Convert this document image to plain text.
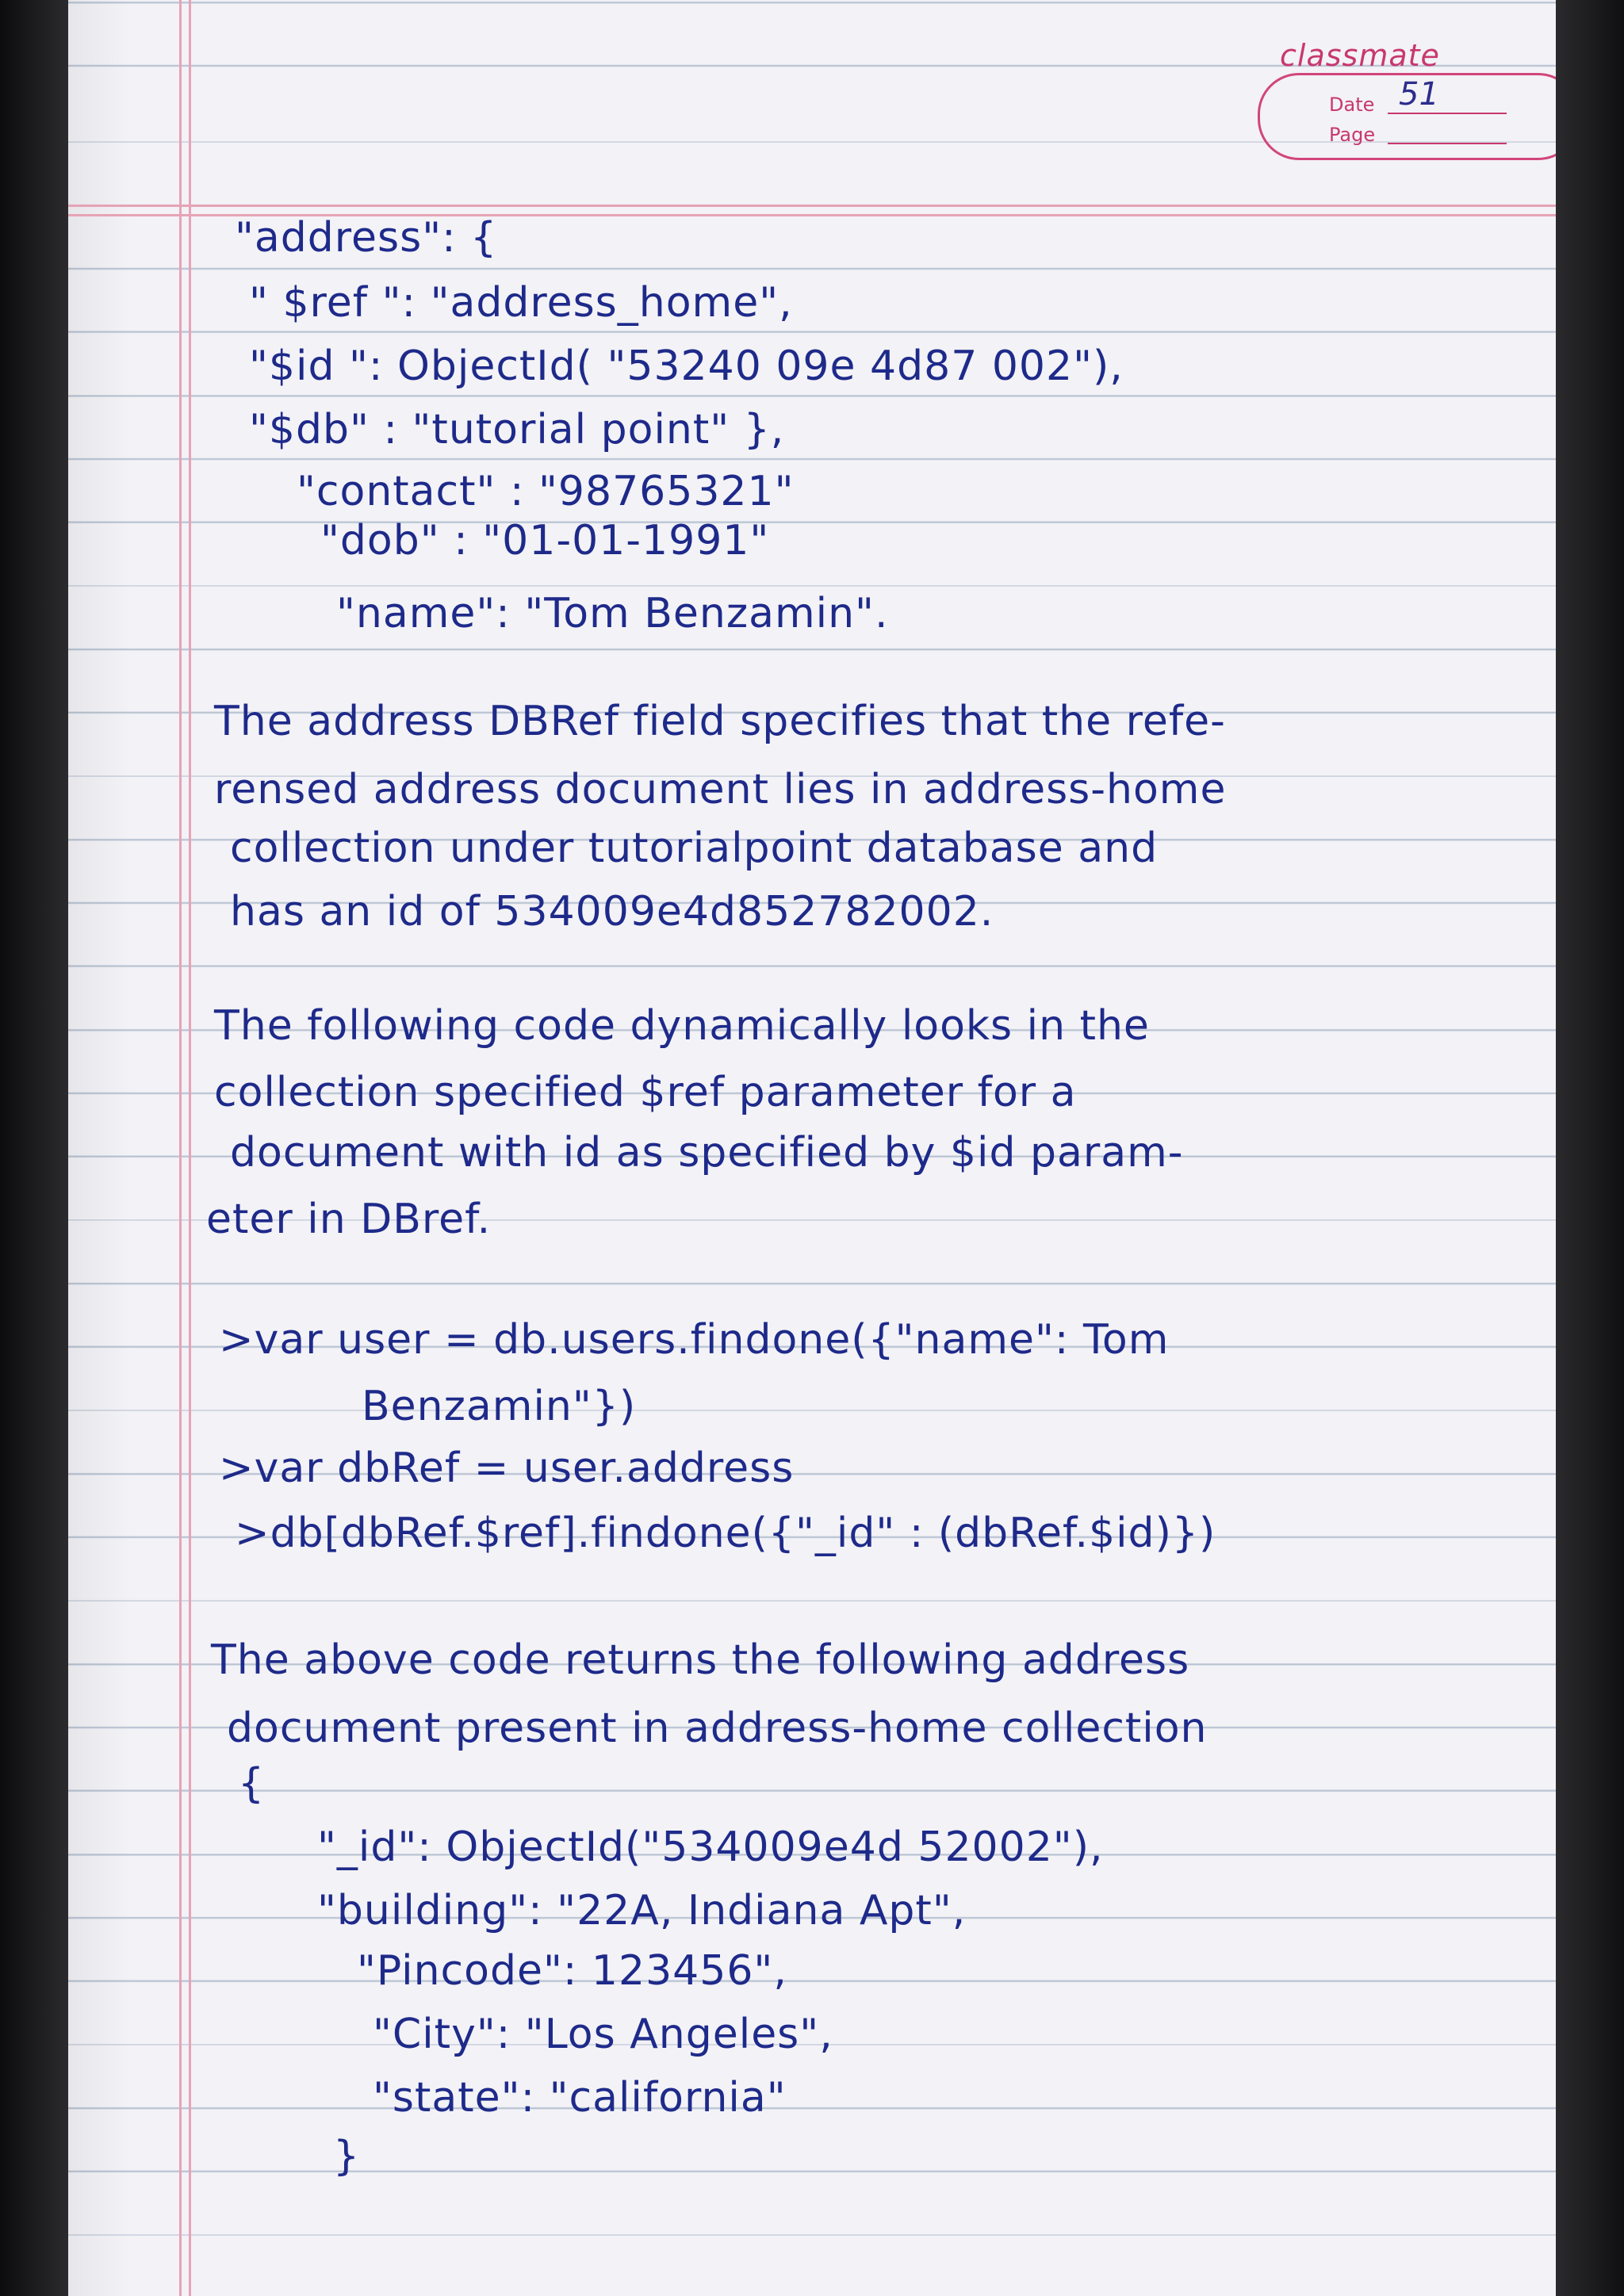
classmate
Date 51
Page
"address": {
" $ref ": "address_home",
"$id ": ObjectId( "53240 09e 4d87 002"),
"$db" : "tutorial point" },
"contact" : "98765321"
"dob" : "01-01-1991"
"name": "Tom Benzamin".
The address DBRef field specifies that the refe-
rensed address document lies in address-home
collection under tutorialpoint database and
has an id of 534009e4d852782002.
The following code dynamically looks in the
collection specified $ref parameter for a
document with id as specified by $id param-
eter in DBref.
>var user = db.users.findone({"name": Tom
Benzamin"})
>var dbRef = user.address
>db[dbRef.$ref].findone({"_id" : (dbRef.$id)})
The above code returns the following address
document present in address-home collection
{
"_id": ObjectId("534009e4d 52002"),
"building": "22A, Indiana Apt",
"Pincode": 123456",
"City": "Los Angeles",
"state": "california"
}
